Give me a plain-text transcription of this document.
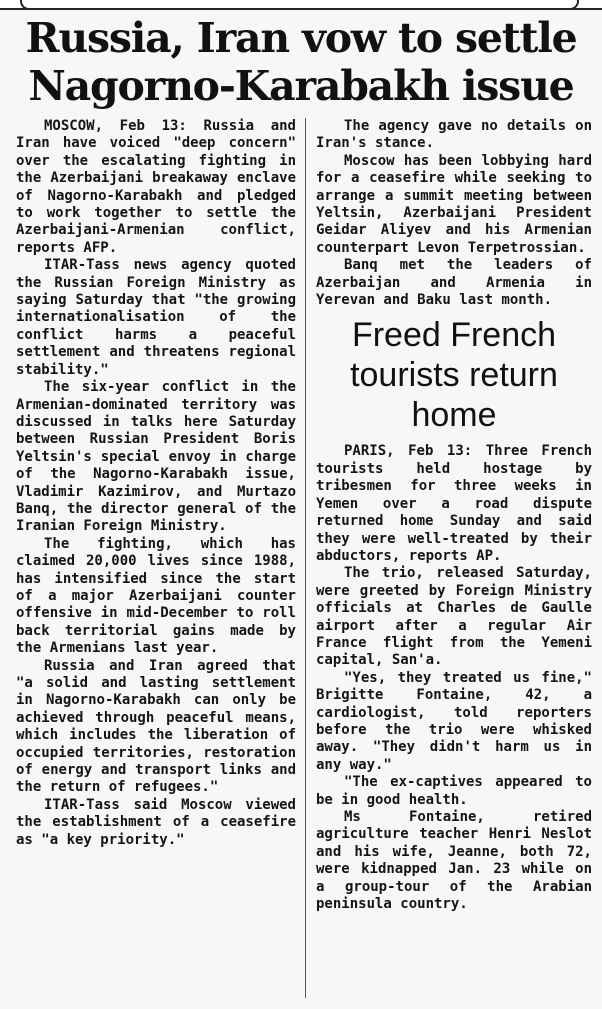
Russia, Iran vow to settle
Nagorno-Karabakh issue

MOSCOW, Feb 13: Russia and Iran have voiced "deep concern" over the escalating fighting in the Azerbaijani breakaway enclave of Nagorno-Karabakh and pledged to work together to settle the Azerbaijani-Armenian conflict, reports AFP.

ITAR-Tass news agency quoted the Russian Foreign Ministry as saying Saturday that "the growing internationalisation of the conflict harms a peaceful settlement and threatens regional stability."

The six-year conflict in the Armenian-dominated territory was discussed in talks here Saturday between Russian President Boris Yeltsin's special envoy in charge of the Nagorno-Karabakh issue, Vladimir Kazimirov, and Murtazo Banq, the director general of the Iranian Foreign Ministry.

The fighting, which has claimed 20,000 lives since 1988, has intensified since the start of a major Azerbaijani counter offensive in mid-December to roll back territorial gains made by the Armenians last year.

Russia and Iran agreed that "a solid and lasting settlement in Nagorno-Karabakh can only be achieved through peaceful means, which includes the liberation of occupied territories, restoration of energy and transport links and the return of refugees."

ITAR-Tass said Moscow viewed the establishment of a ceasefire as "a key priority."

The agency gave no details on Iran's stance.

Moscow has been lobbying hard for a ceasefire while seeking to arrange a summit meeting between Yeltsin, Azerbaijani President Geidar Aliyev and his Armenian counterpart Levon Terpetrossian.

Banq met the leaders of Azerbaijan and Armenia in Yerevan and Baku last month.

Freed French
tourists return
home

PARIS, Feb 13: Three French tourists held hostage by tribesmen for three weeks in Yemen over a road dispute returned home Sunday and said they were well-treated by their abductors, reports AP.

The trio, released Saturday, were greeted by Foreign Ministry officials at Charles de Gaulle airport after a regular Air France flight from the Yemeni capital, San'a.

"Yes, they treated us fine," Brigitte Fontaine, 42, a cardiologist, told reporters before the trio were whisked away. "They didn't harm us in any way."

"The ex-captives appeared to be in good health.

Ms Fontaine, retired agriculture teacher Henri Neslot and his wife, Jeanne, both 72, were kidnapped Jan. 23 while on a group-tour of the Arabian peninsula country.
